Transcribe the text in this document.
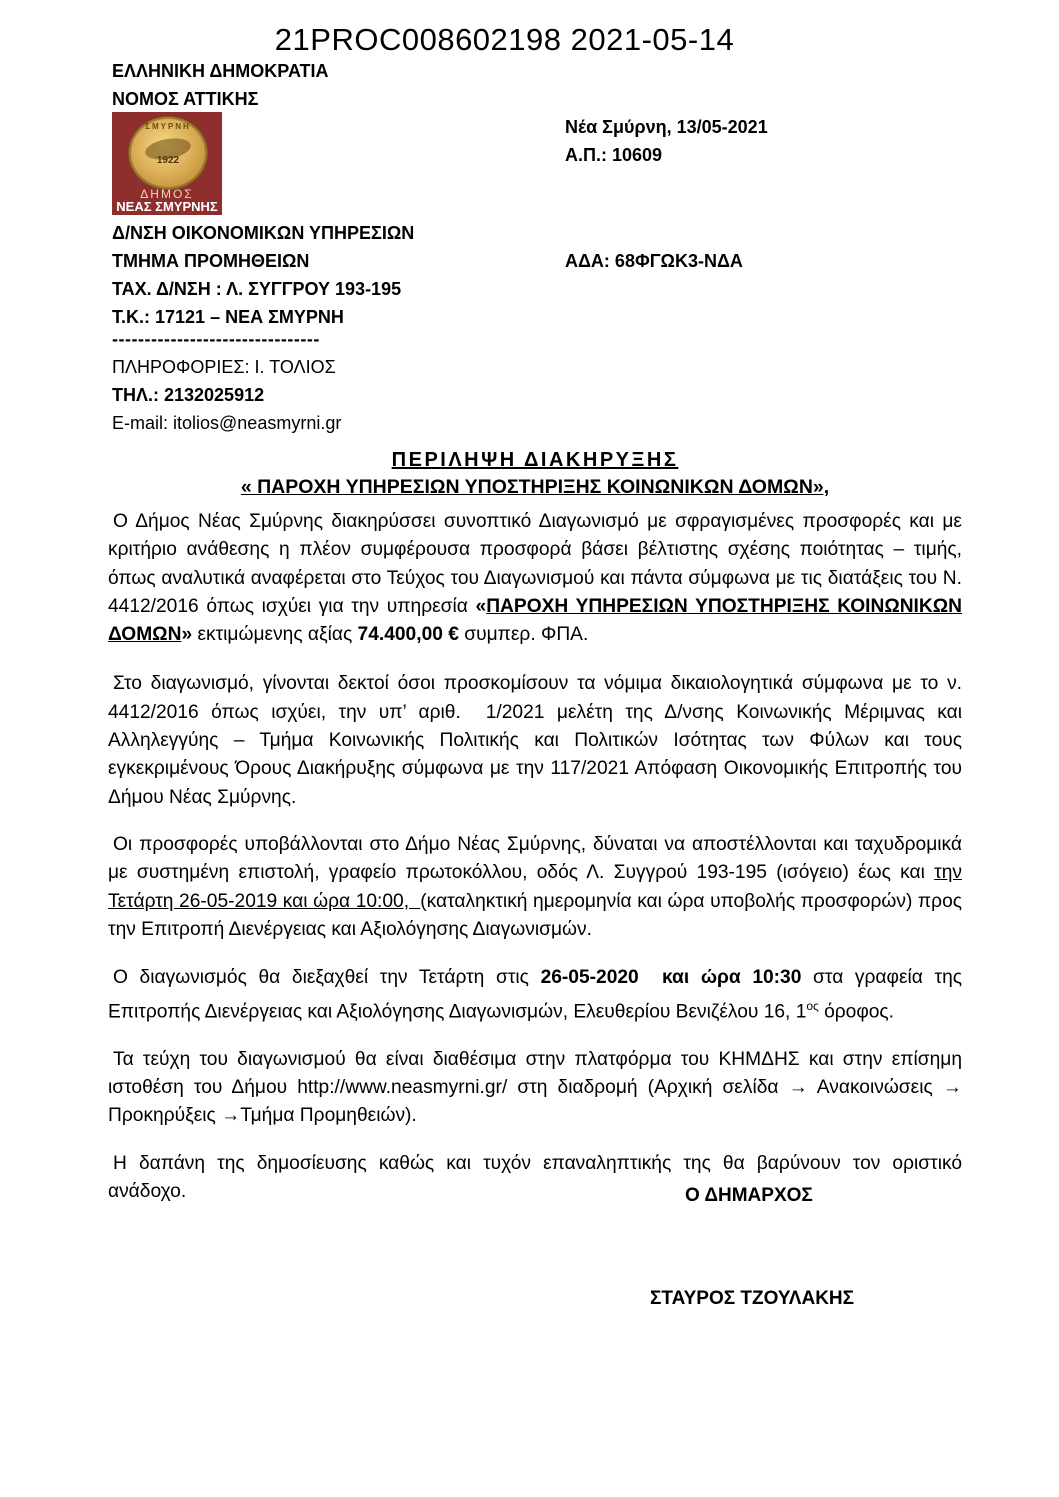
21PROC008602198 2021-05-14
ΕΛΛΗΝΙΚΗ ΔΗΜΟΚΡΑΤΙΑ
ΝΟΜΟΣ ΑΤΤΙΚΗΣ
ΣΜΥΡΝΗ
1922
ΔΗΜΟΣ
ΝΕΑΣ ΣΜΥΡΝΗΣ
Δ/ΝΣΗ ΟΙΚΟΝΟΜΙΚΩΝ ΥΠΗΡΕΣΙΩΝ
ΤΜΗΜΑ ΠΡΟΜΗΘΕΙΩΝ
ΤΑΧ. Δ/ΝΣΗ : Λ. ΣΥΓΓΡΟΥ 193-195
Τ.Κ.: 17121 – ΝΕΑ ΣΜΥΡΝΗ
--------------------------------
ΠΛΗΡΟΦΟΡΙΕΣ: Ι. ΤΟΛΙΟΣ
ΤΗΛ.: 2132025912
E-mail: itolios@neasmyrni.gr
Νέα Σμύρνη, 13/05-2021
Α.Π.: 10609
ΑΔΑ: 68ΦΓΩΚ3-ΝΔΑ
ΠΕΡΙΛΗΨΗ ΔΙΑΚΗΡΥΞΗΣ
« ΠΑΡΟΧΗ ΥΠΗΡΕΣΙΩΝ ΥΠΟΣΤΗΡΙΞΗΣ ΚΟΙΝΩΝΙΚΩΝ ΔΟΜΩΝ»,

Ο Δήμος Νέας Σμύρνης διακηρύσσει συνοπτικό Διαγωνισμό με σφραγισμένες προσφορές και με κριτήριο ανάθεσης η πλέον συμφέρουσα προσφορά βάσει βέλτιστης σχέσης ποιότητας – τιμής, όπως αναλυτικά αναφέρεται στο Τεύχος του Διαγωνισμού και πάντα σύμφωνα με τις διατάξεις του Ν. 4412/2016 όπως ισχύει για την υπηρεσία «ΠΑΡΟΧΗ ΥΠΗΡΕΣΙΩΝ ΥΠΟΣΤΗΡΙΞΗΣ ΚΟΙΝΩΝΙΚΩΝ ΔΟΜΩΝ» εκτιμώμενης αξίας 74.400,00 € συμπερ. ΦΠΑ.

Στο διαγωνισμό, γίνονται δεκτοί όσοι προσκομίσουν τα νόμιμα δικαιολογητικά σύμφωνα με το ν. 4412/2016 όπως ισχύει, την υπ’ αριθ.  1/2021 μελέτη της Δ/νσης Κοινωνικής Μέριμνας και Αλληλεγγύης – Τμήμα Κοινωνικής Πολιτικής και Πολιτικών Ισότητας των Φύλων και τους εγκεκριμένους Όρους Διακήρυξης σύμφωνα με την 117/2021 Απόφαση Οικονομικής Επιτροπής του Δήμου Νέας Σμύρνης.

Οι προσφορές υποβάλλονται στο Δήμο Νέας Σμύρνης, δύναται να αποστέλλονται και ταχυδρομικά με συστημένη επιστολή, γραφείο πρωτοκόλλου, οδός Λ. Συγγρού 193-195 (ισόγειο) έως και την Τετάρτη 26-05-2019 και ώρα 10:00,  (καταληκτική ημερομηνία και ώρα υποβολής προσφορών) προς την Επιτροπή Διενέργειας και Αξιολόγησης Διαγωνισμών.

Ο διαγωνισμός θα διεξαχθεί την Τετάρτη στις 26-05-2020  και ώρα 10:30 στα γραφεία της Επιτροπής Διενέργειας και Αξιολόγησης Διαγωνισμών, Ελευθερίου Βενιζέλου 16, $1^{o\varsigma}$ όροφος.

Τα τεύχη του διαγωνισμού θα είναι διαθέσιμα στην πλατφόρμα του ΚΗΜΔΗΣ και στην επίσημη ιστοθέση του Δήμου http://www.neasmyrni.gr/ στη διαδρομή (Αρχική σελίδα → Ανακοινώσεις → Προκηρύξεις →Τμήμα Προμηθειών).

Η δαπάνη της δημοσίευσης καθώς και τυχόν επαναληπτικής της θα βαρύνουν τον οριστικό ανάδοχο.	Ο ΔΗΜΑΡΧΟΣ
ΣΤΑΥΡΟΣ ΤΖΟΥΛΑΚΗΣ
